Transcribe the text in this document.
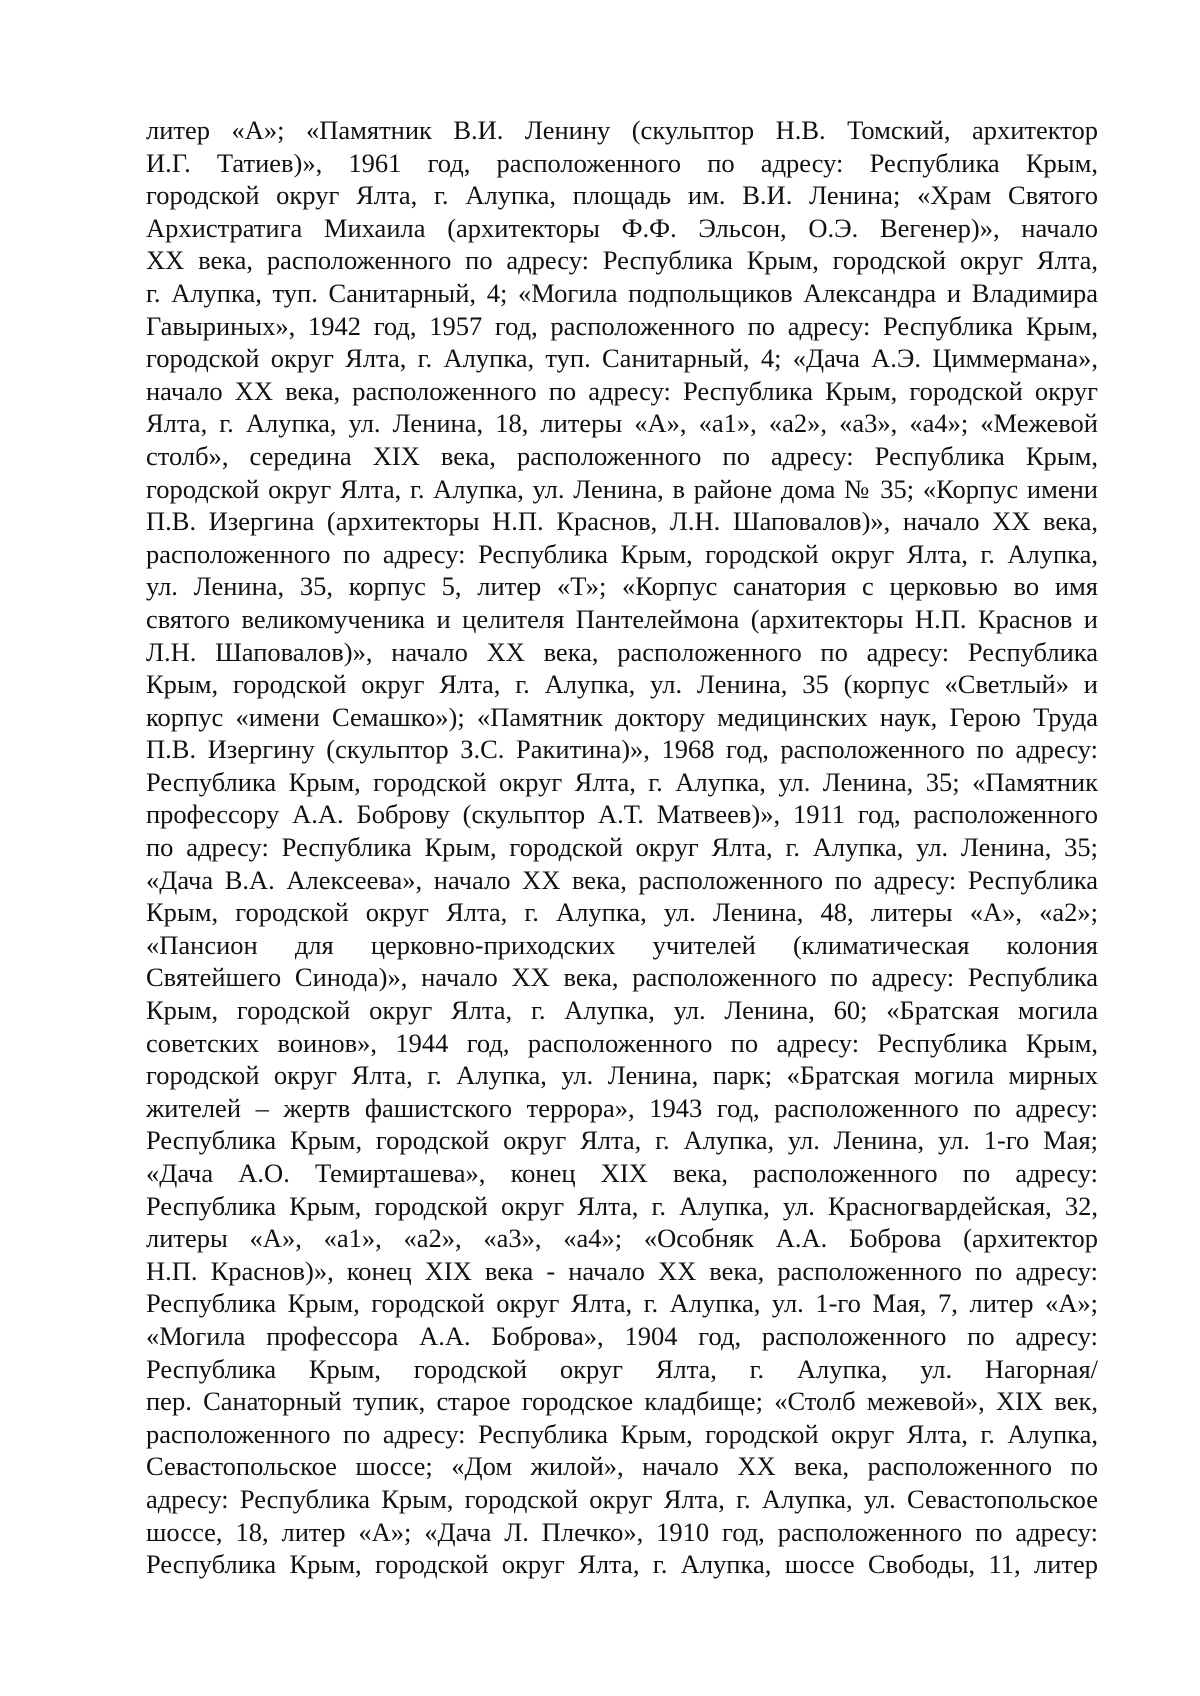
литер «А»; «Памятник В.И. Ленину (скульптор Н.В. Томский, архитектор
И.Г. Татиев)», 1961 год, расположенного по адресу: Республика Крым,
городской округ Ялта, г. Алупка, площадь им. В.И. Ленина; «Храм Святого
Архистратига Михаила (архитекторы Ф.Ф. Эльсон, О.Э. Вегенер)», начало
XX века, расположенного по адресу: Республика Крым, городской округ Ялта,
г. Алупка, туп. Санитарный, 4; «Могила подпольщиков Александра и Владимира
Гавыриных», 1942 год, 1957 год, расположенного по адресу: Республика Крым,
городской округ Ялта, г. Алупка, туп. Санитарный, 4; «Дача А.Э. Циммермана»,
начало XX века, расположенного по адресу: Республика Крым, городской округ
Ялта, г. Алупка, ул. Ленина, 18, литеры «А», «а1», «а2», «а3», «а4»; «Межевой
столб», середина XIX века, расположенного по адресу: Республика Крым,
городской округ Ялта, г. Алупка, ул. Ленина, в районе дома № 35; «Корпус имени
П.В. Изергина (архитекторы Н.П. Краснов, Л.Н. Шаповалов)», начало XX века,
расположенного по адресу: Республика Крым, городской округ Ялта, г. Алупка,
ул. Ленина, 35, корпус 5, литер «Т»; «Корпус санатория с церковью во имя
святого великомученика и целителя Пантелеймона (архитекторы Н.П. Краснов и
Л.Н. Шаповалов)», начало XX века, расположенного по адресу: Республика
Крым, городской округ Ялта, г. Алупка, ул. Ленина, 35 (корпус «Светлый» и
корпус «имени Семашко»); «Памятник доктору медицинских наук, Герою Труда
П.В. Изергину (скульптор З.С. Ракитина)», 1968 год, расположенного по адресу:
Республика Крым, городской округ Ялта, г. Алупка, ул. Ленина, 35; «Памятник
профессору А.А. Боброву (скульптор А.Т. Матвеев)», 1911 год, расположенного
по адресу: Республика Крым, городской округ Ялта, г. Алупка, ул. Ленина, 35;
«Дача В.А. Алексеева», начало XX века, расположенного по адресу: Республика
Крым, городской округ Ялта, г. Алупка, ул. Ленина, 48, литеры «А», «а2»;
«Пансион для церковно-приходских учителей (климатическая колония
Святейшего Синода)», начало XX века, расположенного по адресу: Республика
Крым, городской округ Ялта, г. Алупка, ул. Ленина, 60; «Братская могила
советских воинов», 1944 год, расположенного по адресу: Республика Крым,
городской округ Ялта, г. Алупка, ул. Ленина, парк; «Братская могила мирных
жителей – жертв фашистского террора», 1943 год, расположенного по адресу:
Республика Крым, городской округ Ялта, г. Алупка, ул. Ленина, ул. 1-го Мая;
«Дача А.О. Темирташева», конец XIX века, расположенного по адресу:
Республика Крым, городской округ Ялта, г. Алупка, ул. Красногвардейская, 32,
литеры «А», «а1», «а2», «а3», «а4»; «Особняк А.А. Боброва (архитектор
Н.П. Краснов)», конец XIX века - начало XX века, расположенного по адресу:
Республика Крым, городской округ Ялта, г. Алупка, ул. 1-го Мая, 7, литер «А»;
«Могила профессора А.А. Боброва», 1904 год, расположенного по адресу:
Республика Крым, городской округ Ялта, г. Алупка, ул. Нагорная/
пер. Санаторный тупик, старое городское кладбище; «Столб межевой», XIX век,
расположенного по адресу: Республика Крым, городской округ Ялта, г. Алупка,
Севастопольское шоссе; «Дом жилой», начало XX века, расположенного по
адресу: Республика Крым, городской округ Ялта, г. Алупка, ул. Севастопольское
шоссе, 18, литер «А»; «Дача Л. Плечко», 1910 год, расположенного по адресу:
Республика Крым, городской округ Ялта, г. Алупка, шоссе Свободы, 11, литер
